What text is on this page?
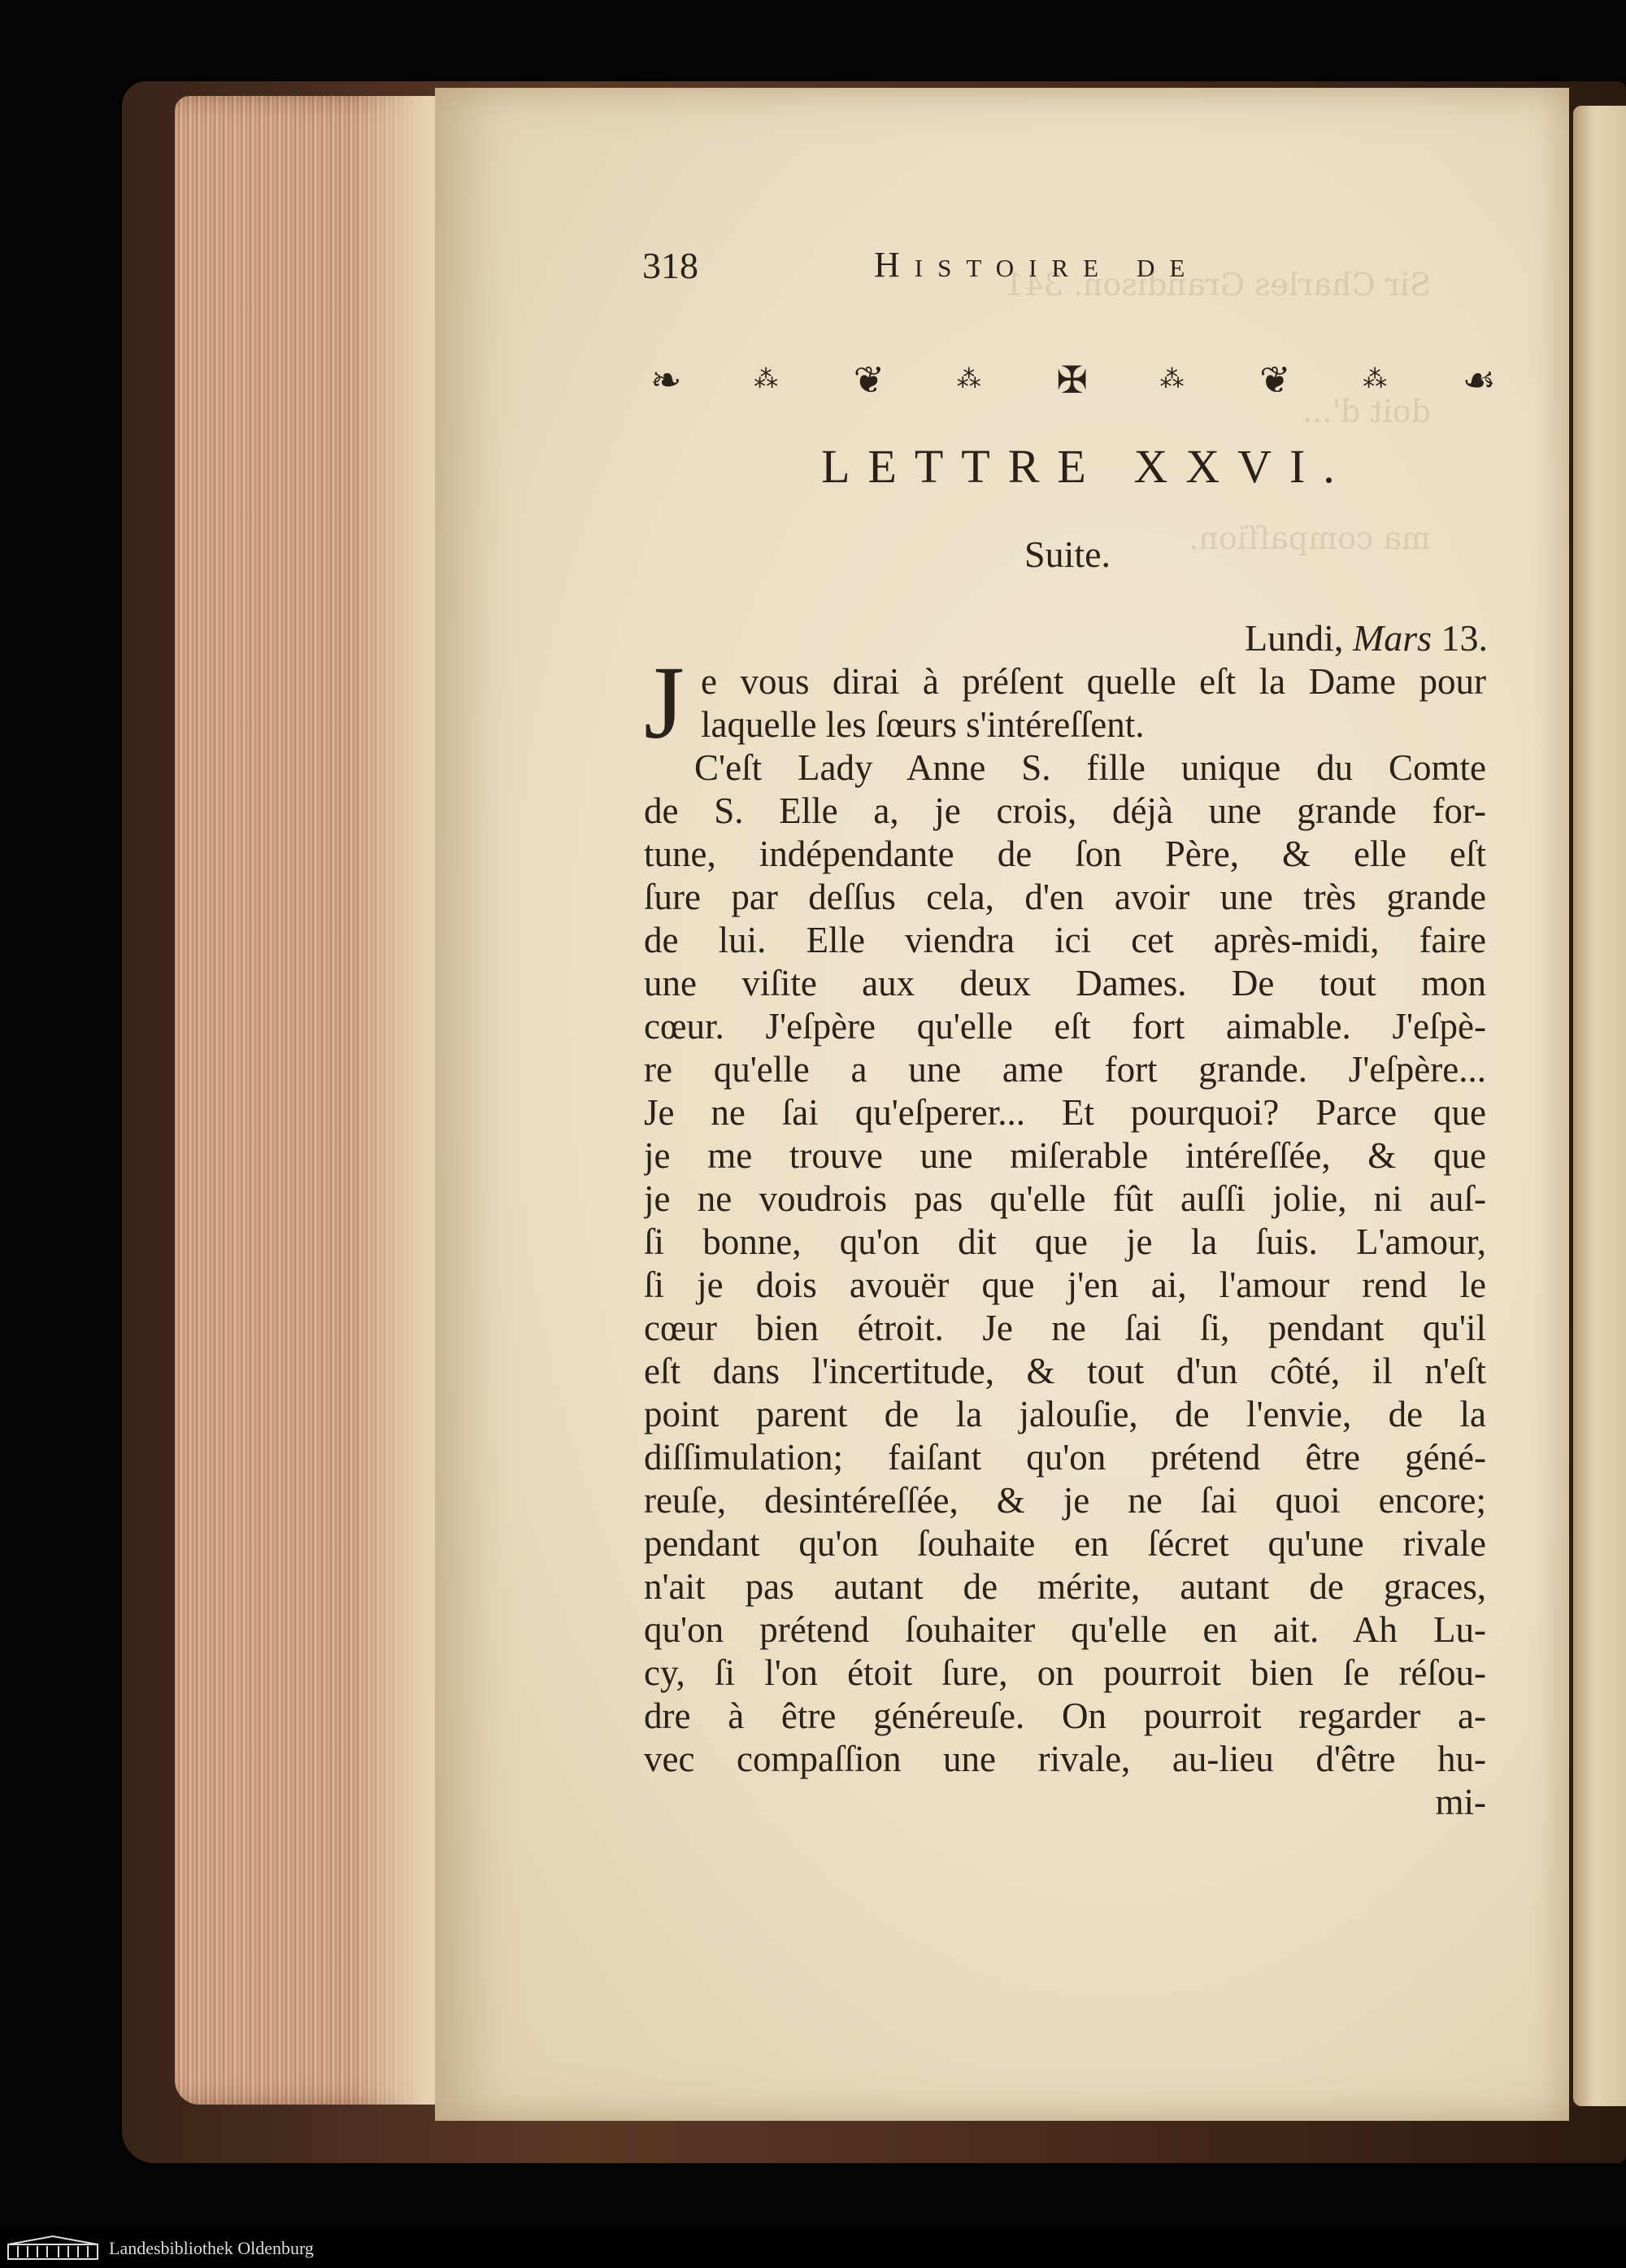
318	Histoire de
❧	⁂ ❦	⁂ ✠	⁂ ❦	⁂ ☙
LETTRE XXVI.
Suite.
Lundi, Mars 13.
J e vous dirai à préſent quelle eſt la Dame pour
laquelle les ſœurs s'intéreſſent.
C'eſt Lady Anne S. fille unique du Comte
de S. Elle a, je crois, déjà une grande for-
tune, indépendante de ſon Père, & elle eſt
ſure par deſſus cela, d'en avoir une très grande
de lui. Elle viendra ici cet après-midi, faire
une viſite aux deux Dames. De tout mon
cœur. J'eſpère qu'elle eſt fort aimable. J'eſpè-
re qu'elle a une ame fort grande. J'eſpère...
Je ne ſai qu'eſperer... Et pourquoi? Parce que
je me trouve une miſerable intéreſſée, & que
je ne voudrois pas qu'elle fût auſſi jolie, ni auſ-
ſi bonne, qu'on dit que je la ſuis. L'amour,
ſi je dois avouër que j'en ai, l'amour rend le
cœur bien étroit. Je ne ſai ſi, pendant qu'il
eſt dans l'incertitude, & tout d'un côté, il n'eſt
point parent de la jalouſie, de l'envie, de la
diſſimulation; faiſant qu'on prétend être géné-
reuſe, desintéreſſée, & je ne ſai quoi encore;
pendant qu'on ſouhaite en ſécret qu'une rivale
n'ait pas autant de mérite, autant de graces,
qu'on prétend ſouhaiter qu'elle en ait. Ah Lu-
cy, ſi l'on étoit ſure, on pourroit bien ſe réſou-
dre à être généreuſe. On pourroit regarder a-
vec compaſſion une rivale, au-lieu d'être hu-
mi-
Landesbibliothek Oldenburg
